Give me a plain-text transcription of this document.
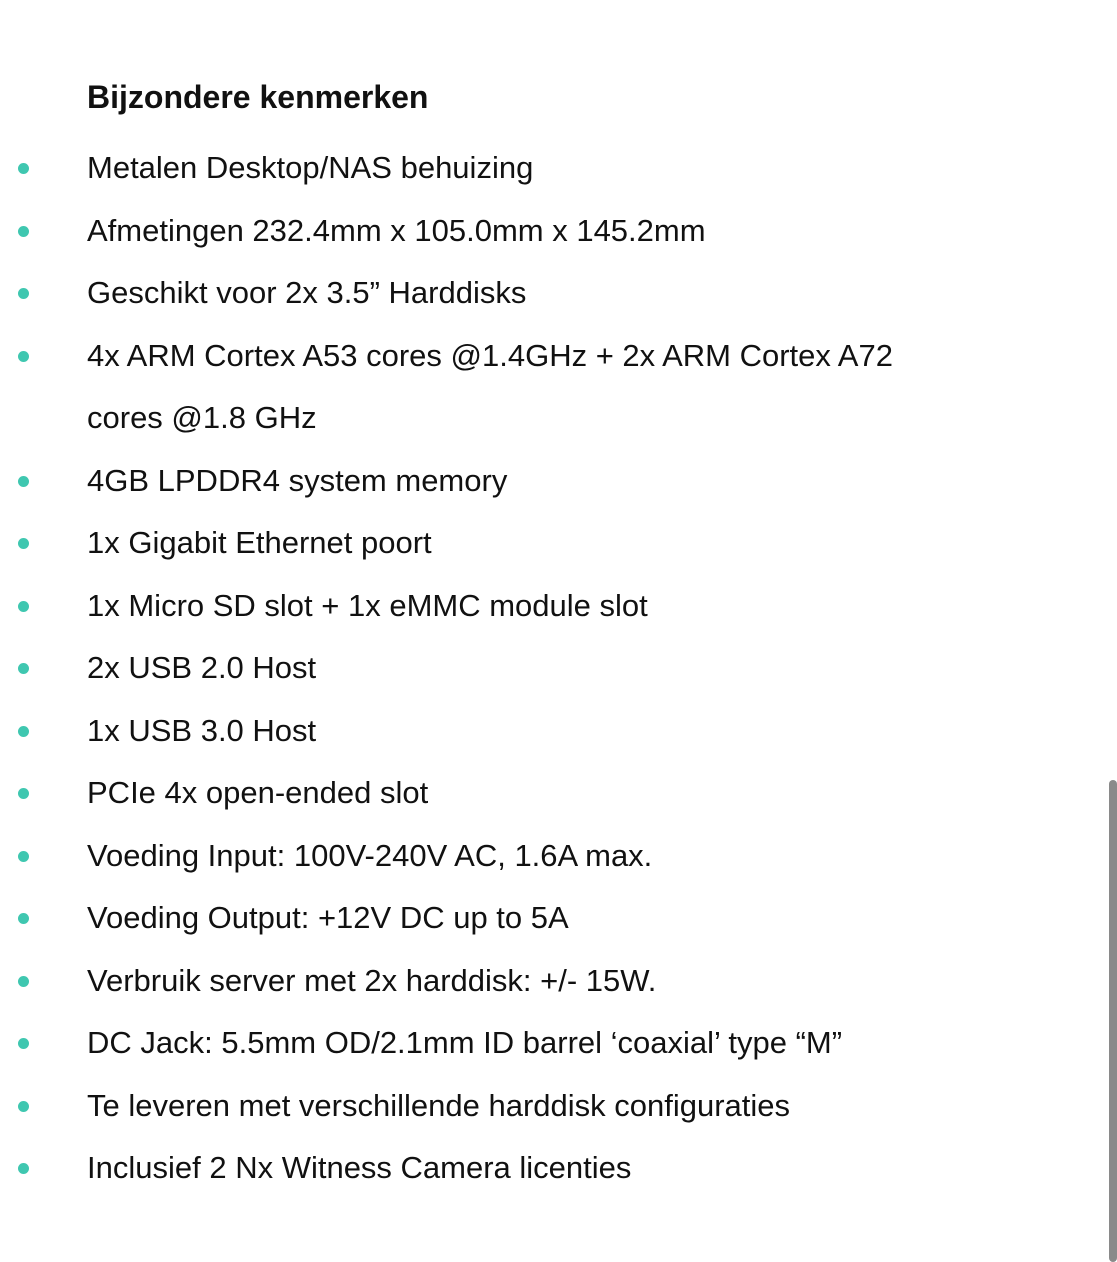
Bijzondere kenmerken
Metalen Desktop/NAS behuizing
Afmetingen 232.4mm x 105.0mm x 145.2mm
Geschikt voor 2x 3.5” Harddisks
4x ARM Cortex A53 cores @1.4GHz + 2x ARM Cortex A72 cores @1.8 GHz
4GB LPDDR4 system memory
1x Gigabit Ethernet poort
1x Micro SD slot + 1x eMMC module slot
2x USB 2.0 Host
1x USB 3.0 Host
PCIe 4x open-ended slot
Voeding Input: 100V-240V AC, 1.6A max.
Voeding Output: +12V DC up to 5A
Verbruik server met 2x harddisk: +/- 15W.
DC Jack: 5.5mm OD/2.1mm ID barrel ‘coaxial’ type “M”
Te leveren met verschillende harddisk configuraties
Inclusief 2 Nx Witness Camera licenties
